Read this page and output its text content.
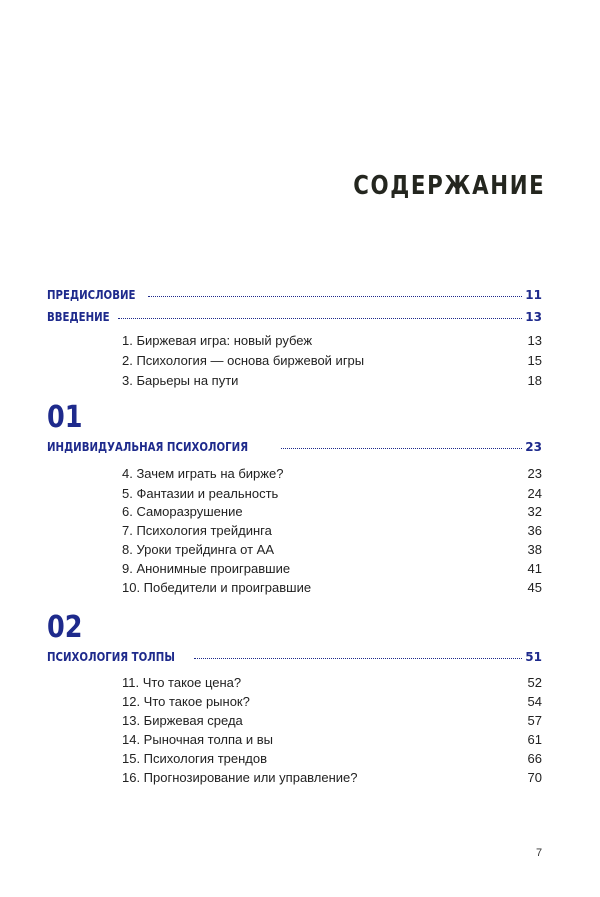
СОДЕРЖАНИЕ
ПРЕДИСЛОВИЕ	11
ВВЕДЕНИЕ	13
1. Биржевая игра: новый рубеж	13
2. Психология — основа биржевой игры	15
3. Барьеры на пути	18
01
ИНДИВИДУАЛЬНАЯ ПСИХОЛОГИЯ	23
4. Зачем играть на бирже?	23
5. Фантазии и реальность	24
6. Саморазрушение	32
7. Психология трейдинга	36
8. Уроки трейдинга от АА	38
9. Анонимные проигравшие	41
10. Победители и проигравшие	45
02
ПСИХОЛОГИЯ ТОЛПЫ	51
11. Что такое цена?	52
12. Что такое рынок?	54
13. Биржевая среда	57
14. Рыночная толпа и вы	61
15. Психология трендов	66
16. Прогнозирование или управление?	70
7
